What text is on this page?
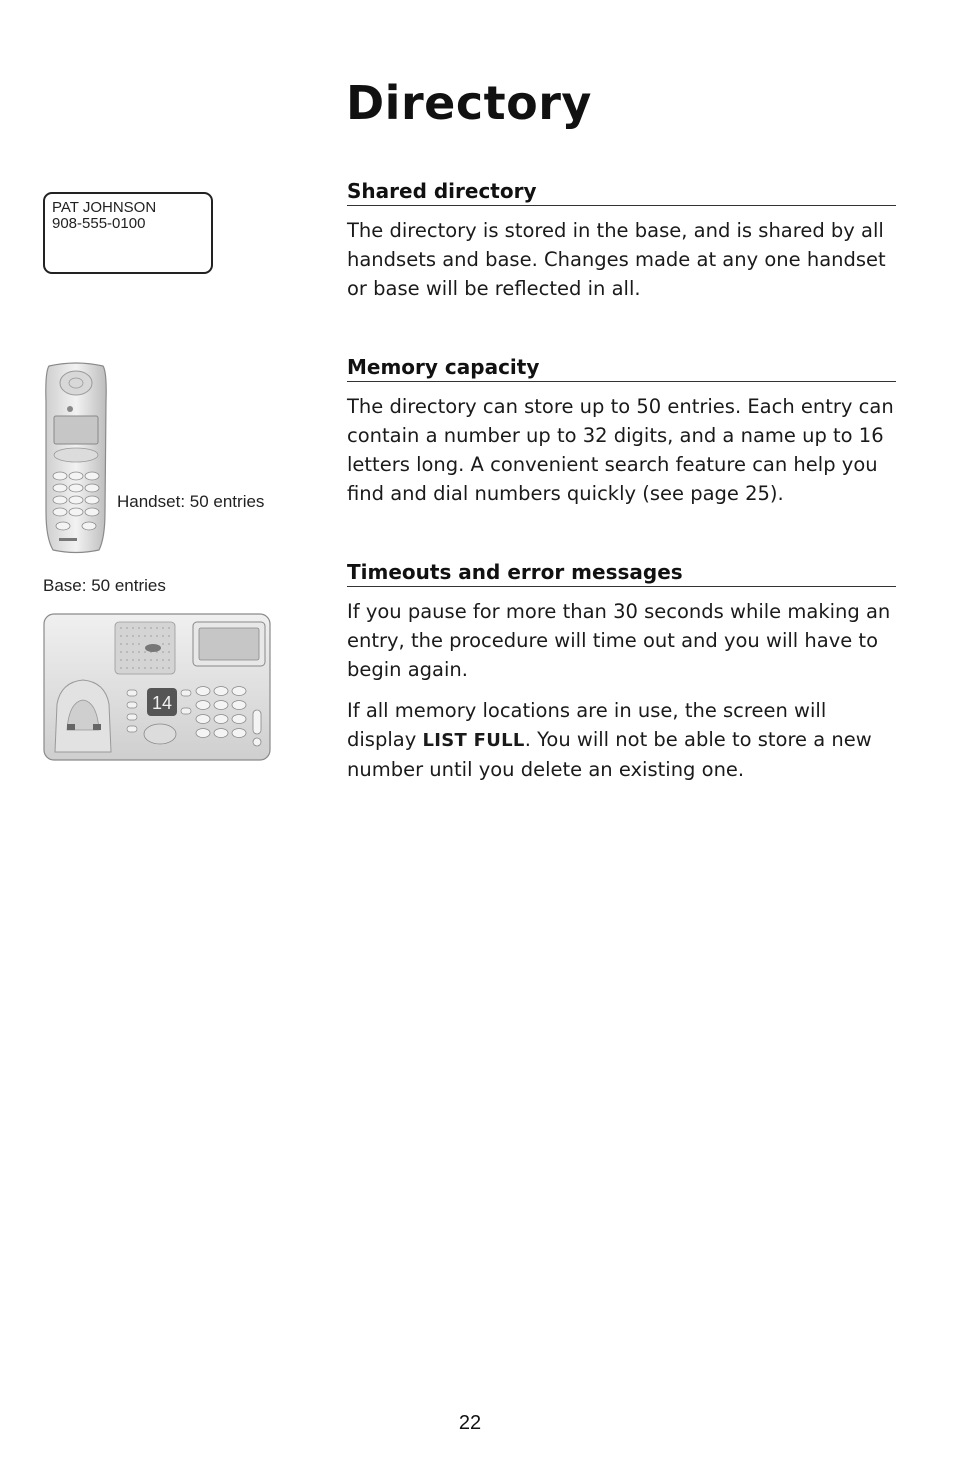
Directory
PAT JOHNSON
908-555-0100
Handset: 50 entries
Base: 50 entries
14
Shared directory

The directory is stored in the base, and is shared by all handsets and base. Changes made at any one handset or base will be reflected in all.

Memory capacity

The directory can store up to 50 entries. Each entry can contain a number up to 32 digits, and a name up to 16 letters long. A convenient search feature can help you find and dial numbers quickly (see page 25).

Timeouts and error messages

If you pause for more than 30 seconds while making an entry, the procedure will time out and you will have to begin again.

If all memory locations are in use, the screen will display LIST FULL. You will not be able to store a new number until you delete an existing one.

22
